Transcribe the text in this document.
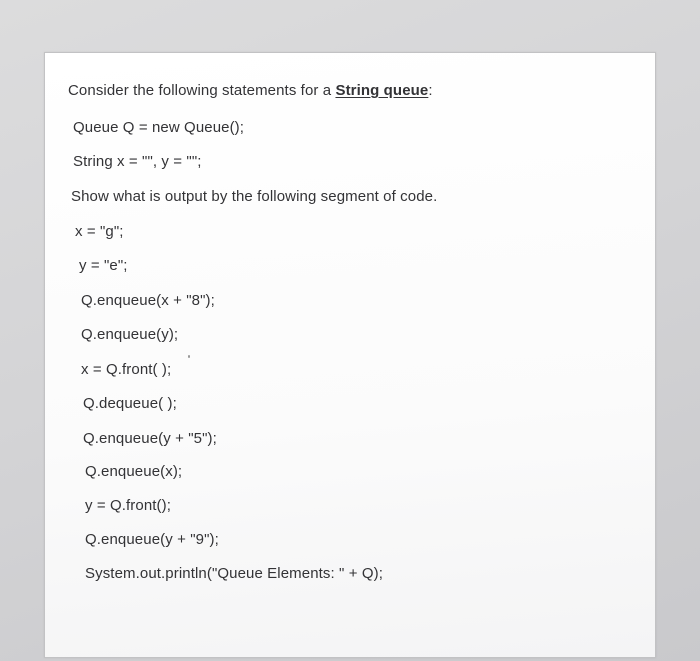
Consider the following statements for a String queue:
Queue Q = new Queue();
String x = "", y = "";
Show what is output by the following segment of code.
x = "g";
y = "e";
Q.enqueue(x + "8");
Q.enqueue(y);
x = Q.front( );
Q.dequeue( );
Q.enqueue(y + "5");
Q.enqueue(x);
y = Q.front();
Q.enqueue(y + "9");
System.out.println("Queue Elements: " + Q);
